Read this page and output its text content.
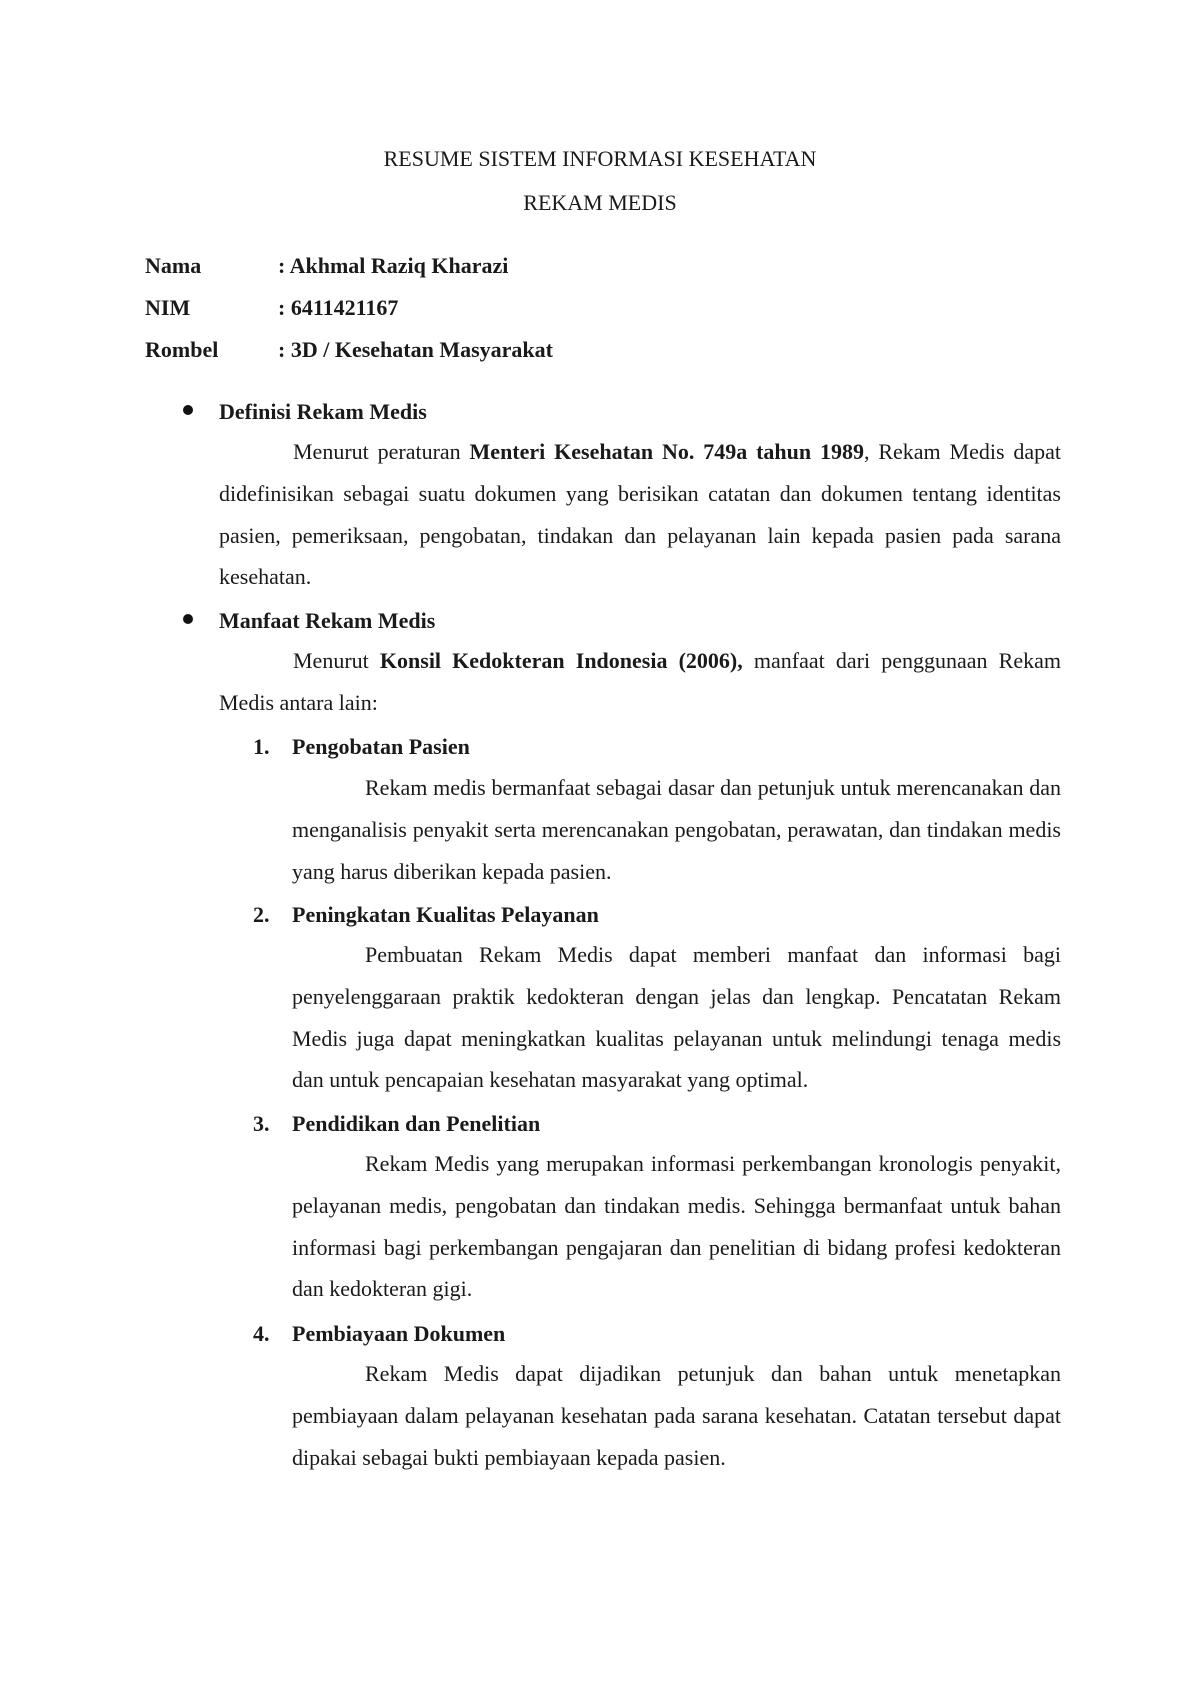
RESUME SISTEM INFORMASI KESEHATAN
REKAM MEDIS
Nama	: Akhmal Raziq Kharazi
NIM	: 6411421167
Rombel	: 3D / Kesehatan Masyarakat
Definisi Rekam Medis

Menurut peraturan Menteri Kesehatan No. 749a tahun 1989, Rekam Medis dapat didefinisikan sebagai suatu dokumen yang berisikan catatan dan dokumen tentang identitas pasien, pemeriksaan, pengobatan, tindakan dan pelayanan lain kepada pasien pada sarana kesehatan.

Manfaat Rekam Medis

Menurut Konsil Kedokteran Indonesia (2006), manfaat dari penggunaan Rekam Medis antara lain:

1. Pengobatan Pasien

Rekam medis bermanfaat sebagai dasar dan petunjuk untuk merencanakan dan menganalisis penyakit serta merencanakan pengobatan, perawatan, dan tindakan medis yang harus diberikan kepada pasien.

2. Peningkatan Kualitas Pelayanan

Pembuatan Rekam Medis dapat memberi manfaat dan informasi bagi penyelenggaraan praktik kedokteran dengan jelas dan lengkap. Pencatatan Rekam Medis juga dapat meningkatkan kualitas pelayanan untuk melindungi tenaga medis dan untuk pencapaian kesehatan masyarakat yang optimal.

3. Pendidikan dan Penelitian

Rekam Medis yang merupakan informasi perkembangan kronologis penyakit, pelayanan medis, pengobatan dan tindakan medis. Sehingga bermanfaat untuk bahan informasi bagi perkembangan pengajaran dan penelitian di bidang profesi kedokteran dan kedokteran gigi.

4. Pembiayaan Dokumen

Rekam Medis dapat dijadikan petunjuk dan bahan untuk menetapkan pembiayaan dalam pelayanan kesehatan pada sarana kesehatan. Catatan tersebut dapat dipakai sebagai bukti pembiayaan kepada pasien.
